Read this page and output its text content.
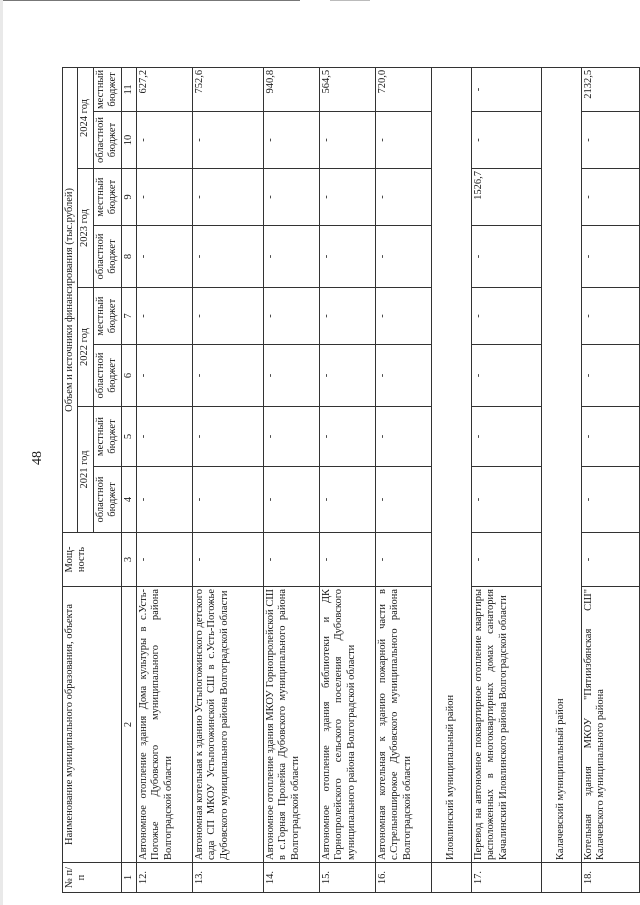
48
№ п/п	Наименование муниципального образования, объекта	Мощ-ность	Объем и источники финансирования (тыс.рублей)							
			2021 год		2022 год		2023 год		2024 год	
			областной бюджет	местный бюджет	областной бюджет	местный бюджет	областной бюджет	местный бюджет	областной бюджет	местный бюджет
1	2	3	4	5	6	7	8	9	10	11
12.	Автономное отопление здания Дома культуры в с.Усть-Погожье Дубовского муниципального района Волгоградской области	-	-	-	-	-	-	-	-	627,2
13.	Автономная котельная к зданию Устьпогожинского детского сада СП МКОУ Устьпогожинской СШ в с.Усть-Погожье Дубовского муниципального района Волгоградской области	-	-	-	-	-	-	-	-	752,6
14.	Автономное отопление здания МКОУ Горнопролейской СШ в с.Горная Пролейка Дубовского муниципального района Волгоградской области	-	-	-	-	-	-	-	-	940,8
15.	Автономное отопление здания библиотеки и ДК Горнопролейского сельского поселения Дубовского муниципального района Волгоградской области	-	-	-	-	-	-	-	-	564,5
16.	Автономная котельная к зданию пожарной части в с.Стрельноширокое Дубовского муниципального района Волгоградской области	-	-	-	-	-	-	-	-	720,0
	Иловлинский муниципальный район									
17.	Перевод на автономное поквартирное отопление квартиры расположенных в многоквартирных домах санатория Качалинский Иловлинского района Волгоградской области	-	-	-	-	-	-	1526,7	-	-
	Калачевский муниципальный район									
18.	Котельная здания МКОУ "Пятиизбянская СШ" Калачевского муниципального района	-	-	-	-	-	-	-	-	2132,5
